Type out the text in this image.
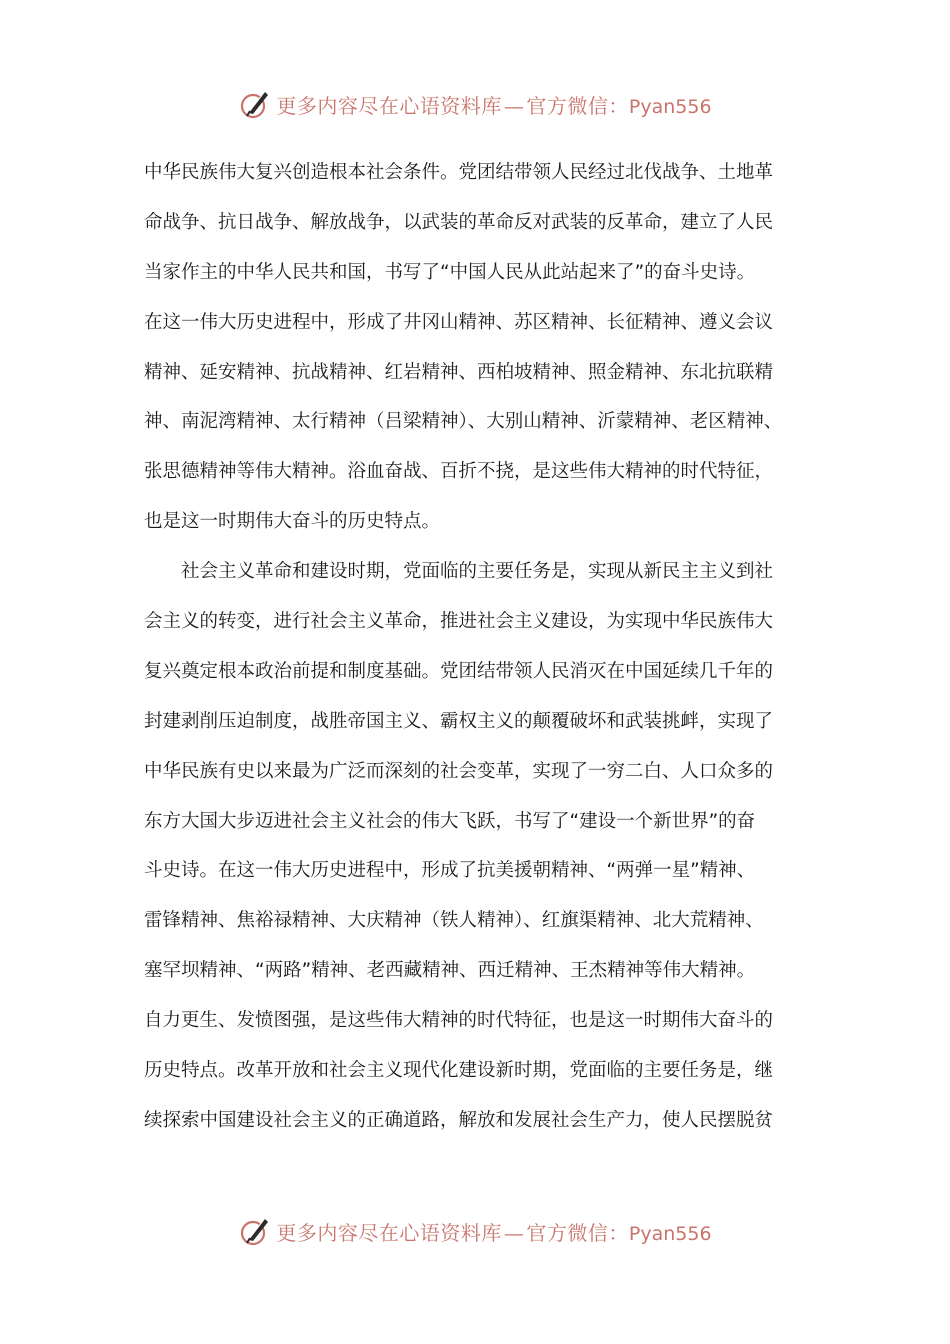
更多内容尽在心语资料库 — 官方微信：Pyan556
中华民族伟大复兴创造根本社会条件。党团结带领人民经过北伐战争、土地革
命战争、抗日战争、解放战争，以武装的革命反对武装的反革命，建立了人民
当家作主的中华人民共和国，书写了“中国人民从此站起来了”的奋斗史诗。
在这一伟大历史进程中，形成了井冈山精神、苏区精神、长征精神、遵义会议
精神、延安精神、抗战精神、红岩精神、西柏坡精神、照金精神、东北抗联精
神、南泥湾精神、太行精神（吕梁精神）、大别山精神、沂蒙精神、老区精神、
张思德精神等伟大精神。浴血奋战、百折不挠，是这些伟大精神的时代特征，
也是这一时期伟大奋斗的历史特点。
社会主义革命和建设时期，党面临的主要任务是，实现从新民主主义到社
会主义的转变，进行社会主义革命，推进社会主义建设，为实现中华民族伟大
复兴奠定根本政治前提和制度基础。党团结带领人民消灭在中国延续几千年的
封建剥削压迫制度，战胜帝国主义、霸权主义的颠覆破坏和武装挑衅，实现了
中华民族有史以来最为广泛而深刻的社会变革，实现了一穷二白、人口众多的
东方大国大步迈进社会主义社会的伟大飞跃，书写了“建设一个新世界”的奋
斗史诗。在这一伟大历史进程中，形成了抗美援朝精神、“两弹一星”精神、
雷锋精神、焦裕禄精神、大庆精神（铁人精神）、红旗渠精神、北大荒精神、
塞罕坝精神、“两路”精神、老西藏精神、西迁精神、王杰精神等伟大精神。
自力更生、发愤图强，是这些伟大精神的时代特征，也是这一时期伟大奋斗的
历史特点。改革开放和社会主义现代化建设新时期，党面临的主要任务是，继
续探索中国建设社会主义的正确道路，解放和发展社会生产力，使人民摆脱贫
更多内容尽在心语资料库 — 官方微信：Pyan556
